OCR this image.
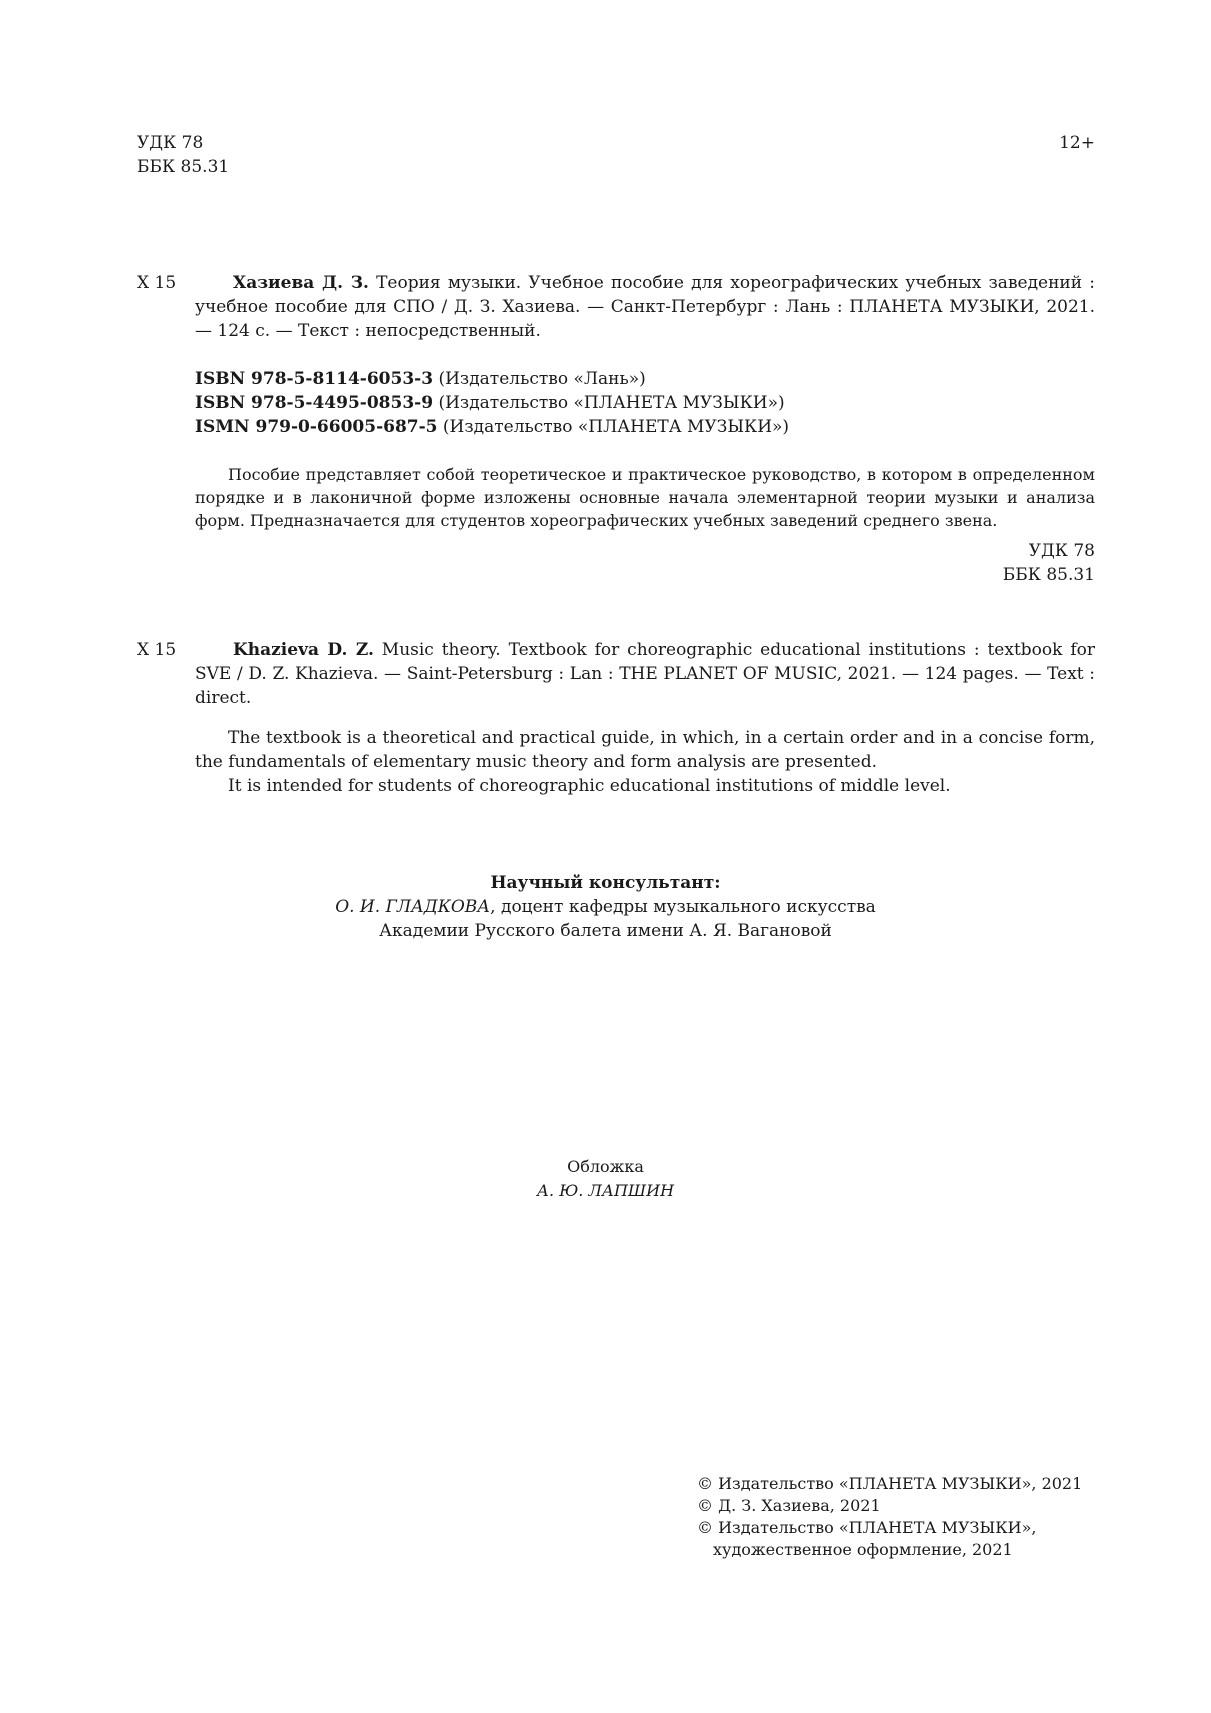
УДК 78
ББК 85.31
12+
Х 15	Хазиева Д. З. Теория музыки. Учебное пособие для хореографических учебных заведений : учебное пособие для СПО / Д. З. Хазиева. — Санкт-Петербург : Лань : ПЛАНЕТА МУЗЫКИ, 2021. — 124 с. — Текст : непосредственный.
ISBN 978-5-8114-6053-3 (Издательство «Лань»)
ISBN 978-5-4495-0853-9 (Издательство «ПЛАНЕТА МУЗЫКИ»)
ISMN 979-0-66005-687-5 (Издательство «ПЛАНЕТА МУЗЫКИ»)
Пособие представляет собой теоретическое и практическое руководство, в котором в определенном порядке и в лаконичной форме изложены основные начала элементарной теории музыки и анализа форм. Предназначается для студентов хореографических учебных заведений среднего звена.
УДК 78
ББК 85.31
Х 15	Khazieva D. Z. Music theory. Textbook for choreographic educational institutions : textbook for SVE / D. Z. Khazieva. — Saint-Petersburg : Lan : THE PLANET OF MUSIC, 2021. — 124 pages. — Text : direct.
The textbook is a theoretical and practical guide, in which, in a certain order and in a concise form, the fundamentals of elementary music theory and form analysis are presented.
It is intended for students of choreographic educational institutions of middle level.
Научный консультант:
О. И. ГЛАДКОВА, доцент кафедры музыкального искусства
Академии Русского балета имени А. Я. Вагановой
Обложка
А. Ю. ЛАПШИН
© Издательство «ПЛАНЕТА МУЗЫКИ», 2021
© Д. З. Хазиева, 2021
© Издательство «ПЛАНЕТА МУЗЫКИ», художественное оформление, 2021
